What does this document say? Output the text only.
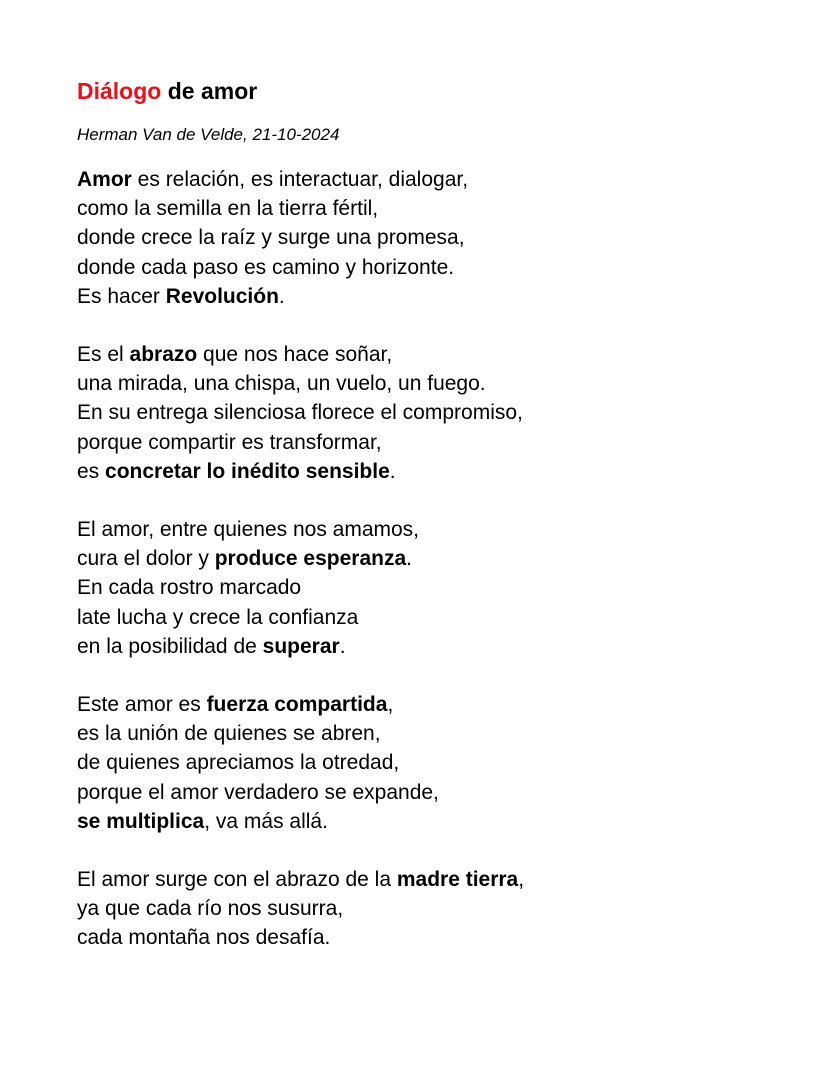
Diálogo de amor
Herman Van de Velde, 21-10-2024
Amor es relación, es interactuar, dialogar,
como la semilla en la tierra fértil,
donde crece la raíz y surge una promesa,
donde cada paso es camino y horizonte.
Es hacer Revolución.
Es el abrazo que nos hace soñar,
una mirada, una chispa, un vuelo, un fuego.
En su entrega silenciosa florece el compromiso,
porque compartir es transformar,
es concretar lo inédito sensible.
El amor, entre quienes nos amamos,
cura el dolor y produce esperanza.
En cada rostro marcado
late lucha y crece la confianza
en la posibilidad de superar.
Este amor es fuerza compartida,
es la unión de quienes se abren,
de quienes apreciamos la otredad,
porque el amor verdadero se expande,
se multiplica, va más allá.
El amor surge con el abrazo de la madre tierra,
ya que cada río nos susurra,
cada montaña nos desafía.
